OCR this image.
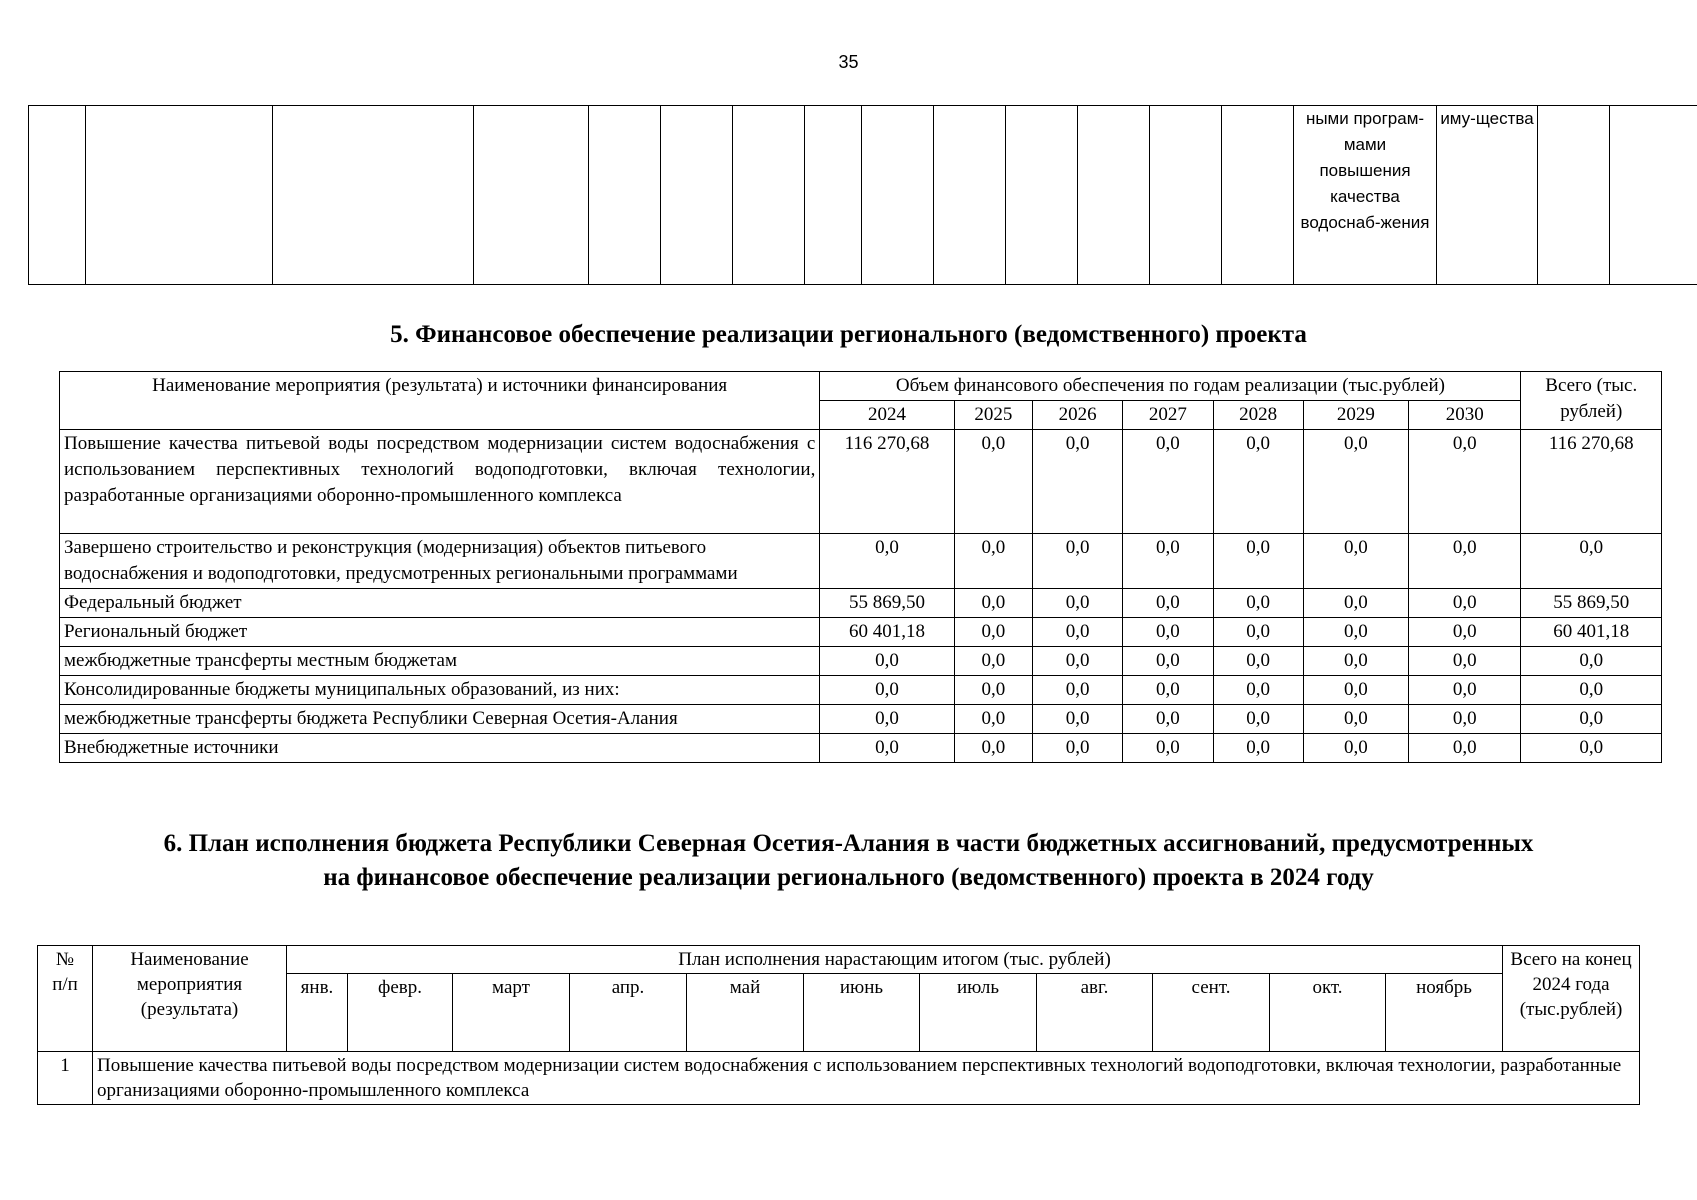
35
														ными програм-мами повышения качества водоснаб-жения	иму-щества		
5. Финансовое обеспечение реализации регионального (ведомственного) проекта
Наименование мероприятия (результата) и источники финансирования	Объем финансового обеспечения по годам реализации (тыс.рублей)							Всего (тыс. рублей)
	2024	2025	2026	2027	2028	2029	2030	
Повышение качества питьевой воды посредством модернизации систем водоснабжения с использованием перспективных технологий водоподготовки, включая технологии, разработанные организациями оборонно-промышленного комплекса	116 270,68	0,0	0,0	0,0	0,0	0,0	0,0	116 270,68

Завершено строительство и реконструкция (модернизация) объектов питьевого водоснабжения и водоподготовки, предусмотренных региональными программами	0,0	0,0	0,0	0,0	0,0	0,0	0,0	0,0
Федеральный бюджет	55 869,50	0,0	0,0	0,0	0,0	0,0	0,0	55 869,50
Региональный бюджет	60 401,18	0,0	0,0	0,0	0,0	0,0	0,0	60 401,18
межбюджетные трансферты местным бюджетам	0,0	0,0	0,0	0,0	0,0	0,0	0,0	0,0
Консолидированные бюджеты муниципальных образований, из них:	0,0	0,0	0,0	0,0	0,0	0,0	0,0	0,0
межбюджетные трансферты бюджета Республики Северная Осетия-Алания	0,0	0,0	0,0	0,0	0,0	0,0	0,0	0,0
Внебюджетные источники	0,0	0,0	0,0	0,0	0,0	0,0	0,0	0,0
6. План исполнения бюджета Республики Северная Осетия-Алания в части бюджетных ассигнований, предусмотренных на финансовое обеспечение реализации регионального (ведомственного) проекта в 2024 году
№ п/п	Наименование мероприятия (результата)	План исполнения нарастающим итогом (тыс. рублей)											Всего на конец 2024 года (тыс.рублей)
		янв.	февр.	март	апр.	май	июнь	июль	авг.	сент.	окт.	ноябрь	
1	Повышение качества питьевой воды посредством модернизации систем водоснабжения с использованием перспективных технологий водоподготовки, включая технологии, разработанные организациями оборонно-промышленного комплекса												
